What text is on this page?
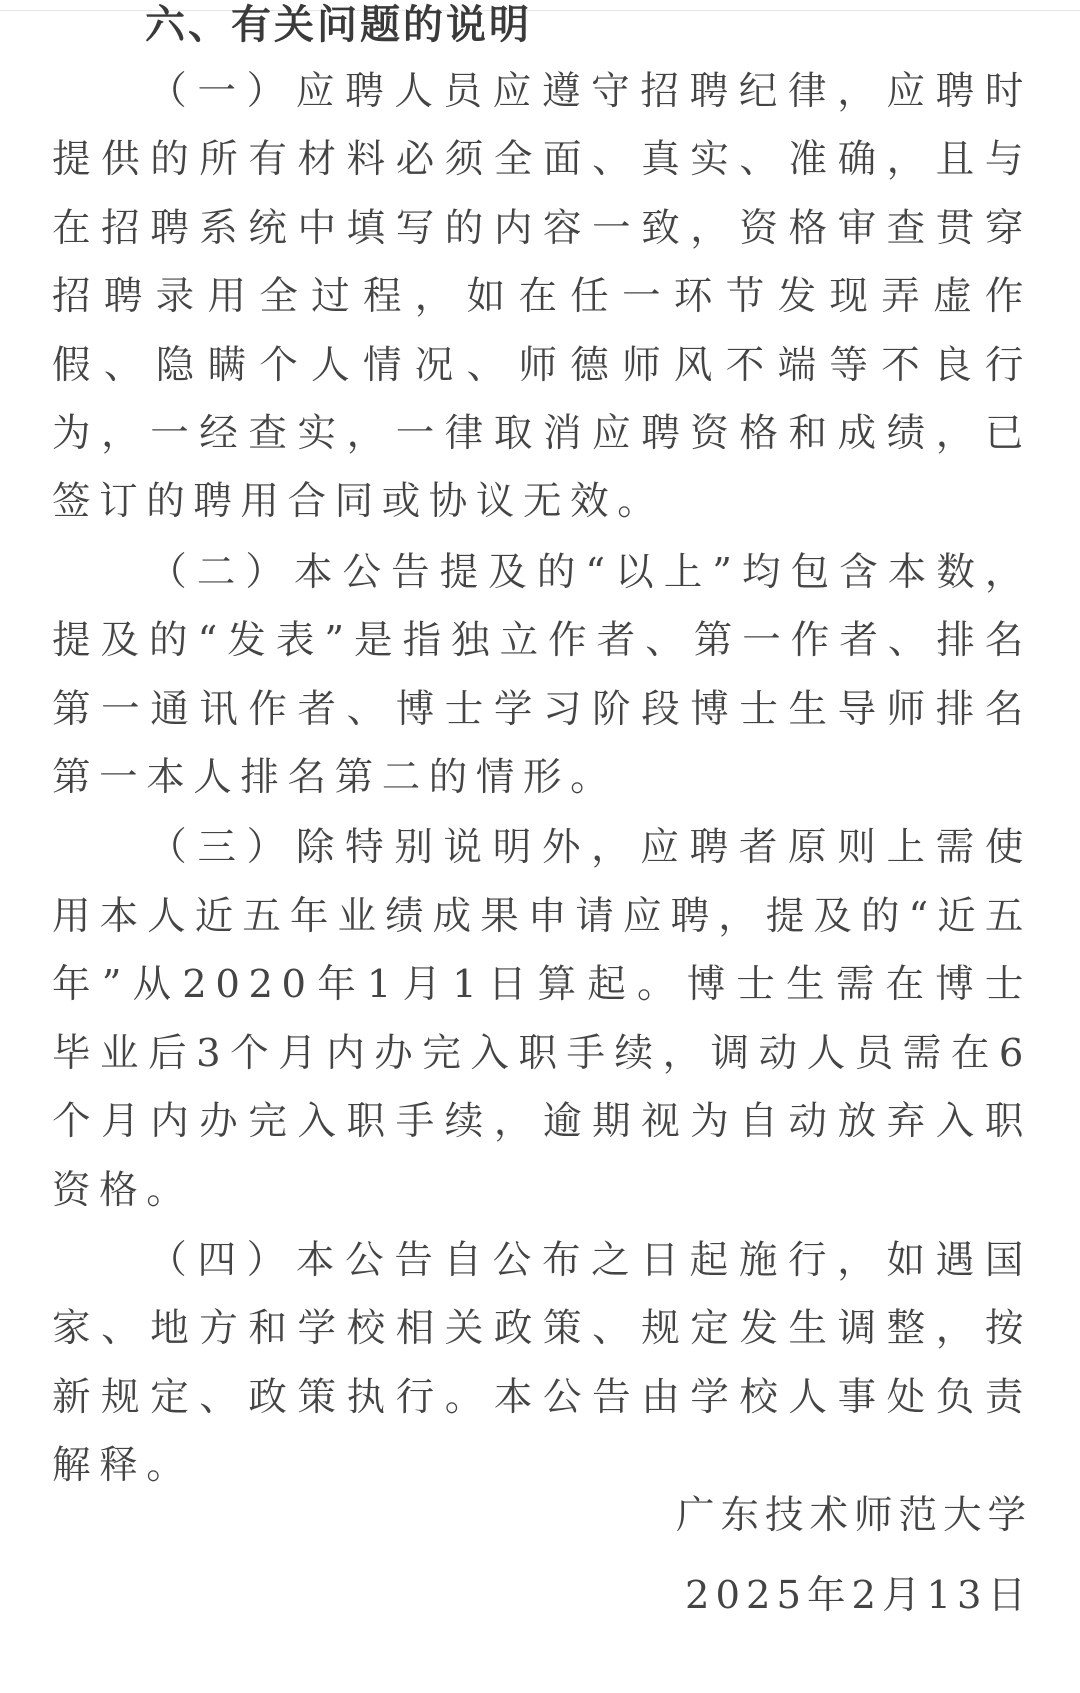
六、有关问题的说明

（一）应聘人员应遵守招聘纪律，应聘时提供的所有材料必须全面、真实、准确，且与在招聘系统中填写的内容一致，资格审查贯穿招聘录用全过程，如在任一环节发现弄虚作假、隐瞒个人情况、师德师风不端等不良行为，一经查实，一律取消应聘资格和成绩，已签订的聘用合同或协议无效。

（二）本公告提及的“以上”均包含本数，提及的“发表”是指独立作者、第一作者、排名第一通讯作者、博士学习阶段博士生导师排名第一本人排名第二的情形。

（三）除特别说明外，应聘者原则上需使用本人近五年业绩成果申请应聘，提及的“近五年”从2020年1月1日算起。博士生需在博士毕业后3个月内办完入职手续，调动人员需在6个月内办完入职手续，逾期视为自动放弃入职资格。

（四）本公告自公布之日起施行，如遇国家、地方和学校相关政策、规定发生调整，按新规定、政策执行。本公告由学校人事处负责解释。

广东技术师范大学
2025年2月13日
